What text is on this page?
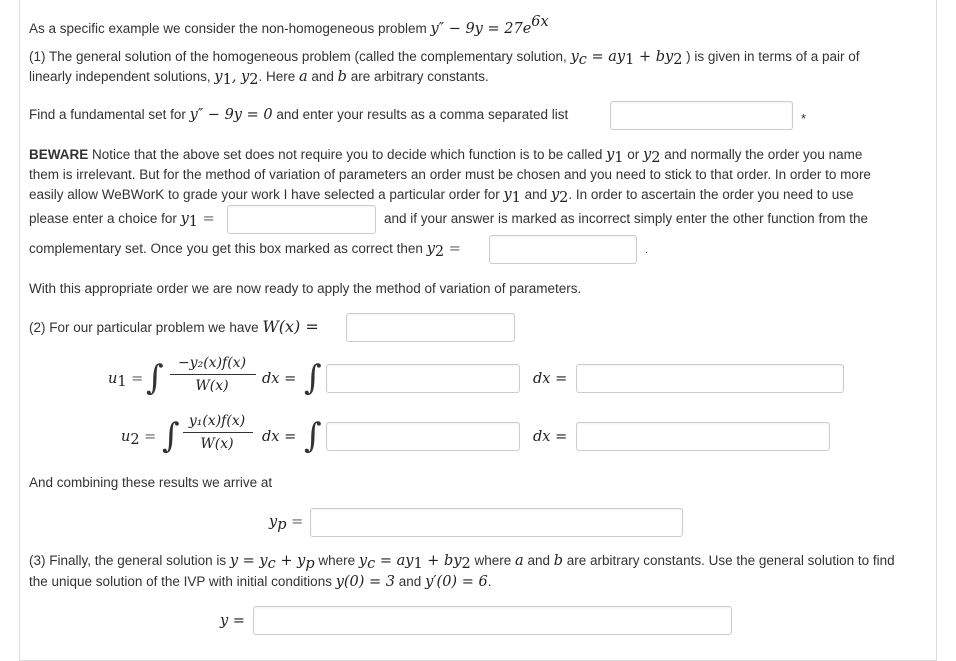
As a specific example we consider the non-homogeneous problem $y'' - 9y = 27e^{6x}$
(1) The general solution of the homogeneous problem (called the complementary solution, $y_c = ay_1 + by_2$ ) is given in terms of a pair of
linearly independent solutions, $y_1$, $y_2$. Here a and b are arbitrary constants.
Find a fundamental set for y″ − 9y = 0 and enter your results as a comma separated list	*
BEWARE Notice that the above set does not require you to decide which function is to be called $y_1$ or $y_2$ and normally the order you name
them is irrelevant. But for the method of variation of parameters an order must be chosen and you need to stick to that order. In order to more
easily allow WeBWorK to grade your work I have selected a particular order for $y_1$ and $y_2$. In order to ascertain the order you need to use
please enter a choice for $y_1$ =	and if your answer is marked as incorrect simply enter the other function from the
complementary set. Once you get this box marked as correct then $y_2$ =	.
With this appropriate order we are now ready to apply the method of variation of parameters.
(2) For our particular problem we have W(x) =
$u_1$ = ∫	−y₂(x)f(x)
W(x)	dx = ∫	dx =
$u_2$ = ∫ y₁(x)f(x)
W(x)	dx = ∫	dx =
And combining these results we arrive at
$y_p$ =
(3) Finally, the general solution is $y = y_c + y_p$ where $y_c = ay_1 + by_2$ where a and b are arbitrary constants. Use the general solution to find
the unique solution of the IVP with initial conditions y(0) = 3 and y′(0) = 6.
y =
